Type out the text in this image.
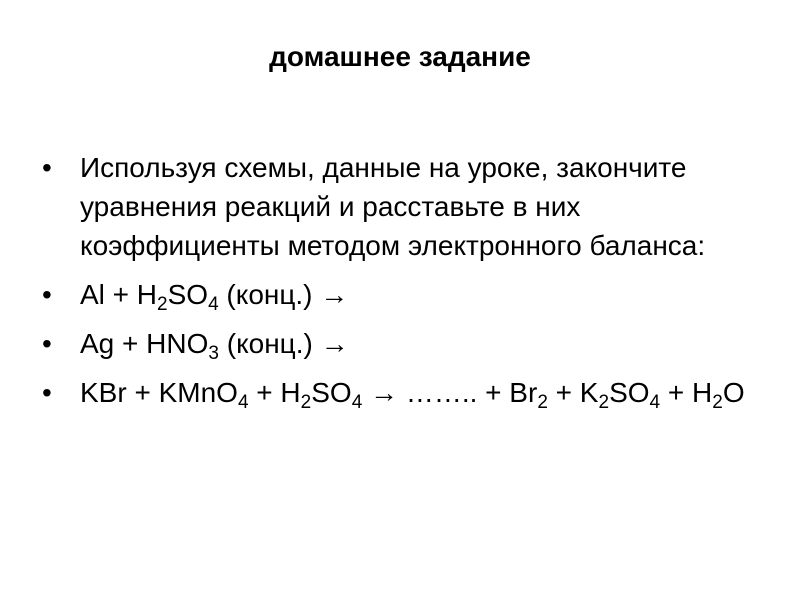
домашнее задание
•	Используя схемы, данные на уроке, закончите уравнения реакций и расставьте в них коэффициенты методом электронного баланса:
•	$Al + H_2SO_4$ (конц.) →
•	$Ag + HNO_3$ (конц.) →
•	KBr + KMnO$_4$ + $H_2SO_4$ → …….. + $Br_2 + K_2SO_4 + H_2O$
